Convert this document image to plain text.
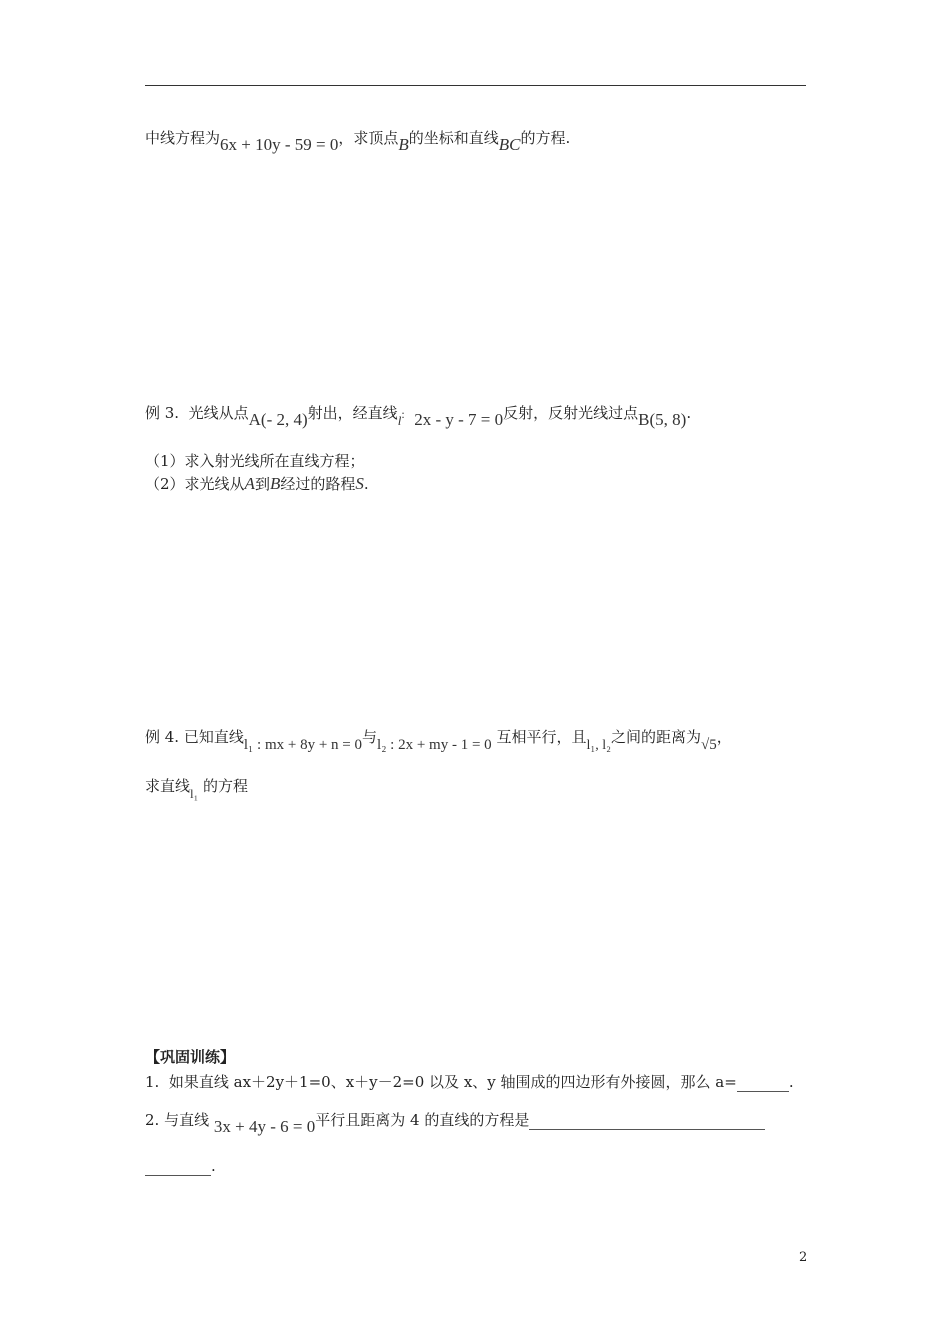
中线方程为6x + 10y - 59 = 0，求顶点B的坐标和直线BC的方程.
例 3. 光线从点A(- 2, 4)射出，经直线l: 2x - y - 7 = 0反射，反射光线过点B(5, 8).
（1）求入射光线所在直线方程；
（2）求光线从A到B经过的路程S.
例 4. 已知直线l₁ : mx + 8y + n = 0与l₂ : 2x + my - 1 = 0 互相平行，且l₁, l₂之间的距离为√5，
求直线l₁ 的方程
【巩固训练】
1. 如果直线 ax＋2y＋1=0、x＋y－2=0 以及 x、y 轴围成的四边形有外接圆，那么 a=	.
2. 与直线 3x + 4y - 6 = 0平行且距离为 4 的直线的方程是
.
2
